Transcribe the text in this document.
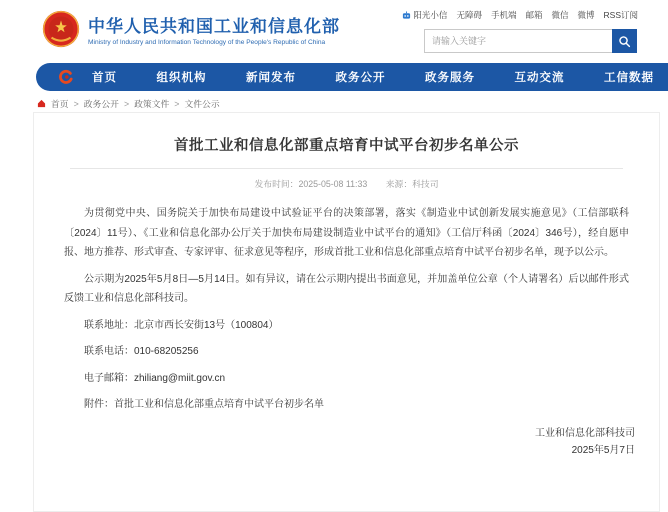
中华人民共和国工业和信息化部
Ministry of Industry and Information Technology of the People's Republic of China
阳光小信 无障碍 手机端 邮箱 微信 微博 RSS订阅
请输入关键字
首页	组织机构	新闻发布	政务公开	政务服务	互动交流	工信数据
首页 > 政务公开 > 政策文件 > 文件公示
首批工业和信息化部重点培育中试平台初步名单公示
发布时间：2025-05-08 11:33 来源：科技司

为贯彻党中央、国务院关于加快布局建设中试验证平台的决策部署，落实《制造业中试创新发展实施意见》（工信部联科〔2024〕11号）、《工业和信息化部办公厅关于加快布局建设制造业中试平台的通知》（工信厅科函〔2024〕346号），经自愿申报、地方推荐、形式审查、专家评审、征求意见等程序，形成首批工业和信息化部重点培育中试平台初步名单，现予以公示。

公示期为2025年5月8日—5月14日。如有异议，请在公示期内提出书面意见，并加盖单位公章（个人请署名）后以邮件形式反馈工业和信息化部科技司。

联系地址：北京市西长安街13号（100804）

联系电话：010-68205256

电子邮箱：zhiliang@miit.gov.cn

附件：首批工业和信息化部重点培育中试平台初步名单

工业和信息化部科技司
2025年5月7日
